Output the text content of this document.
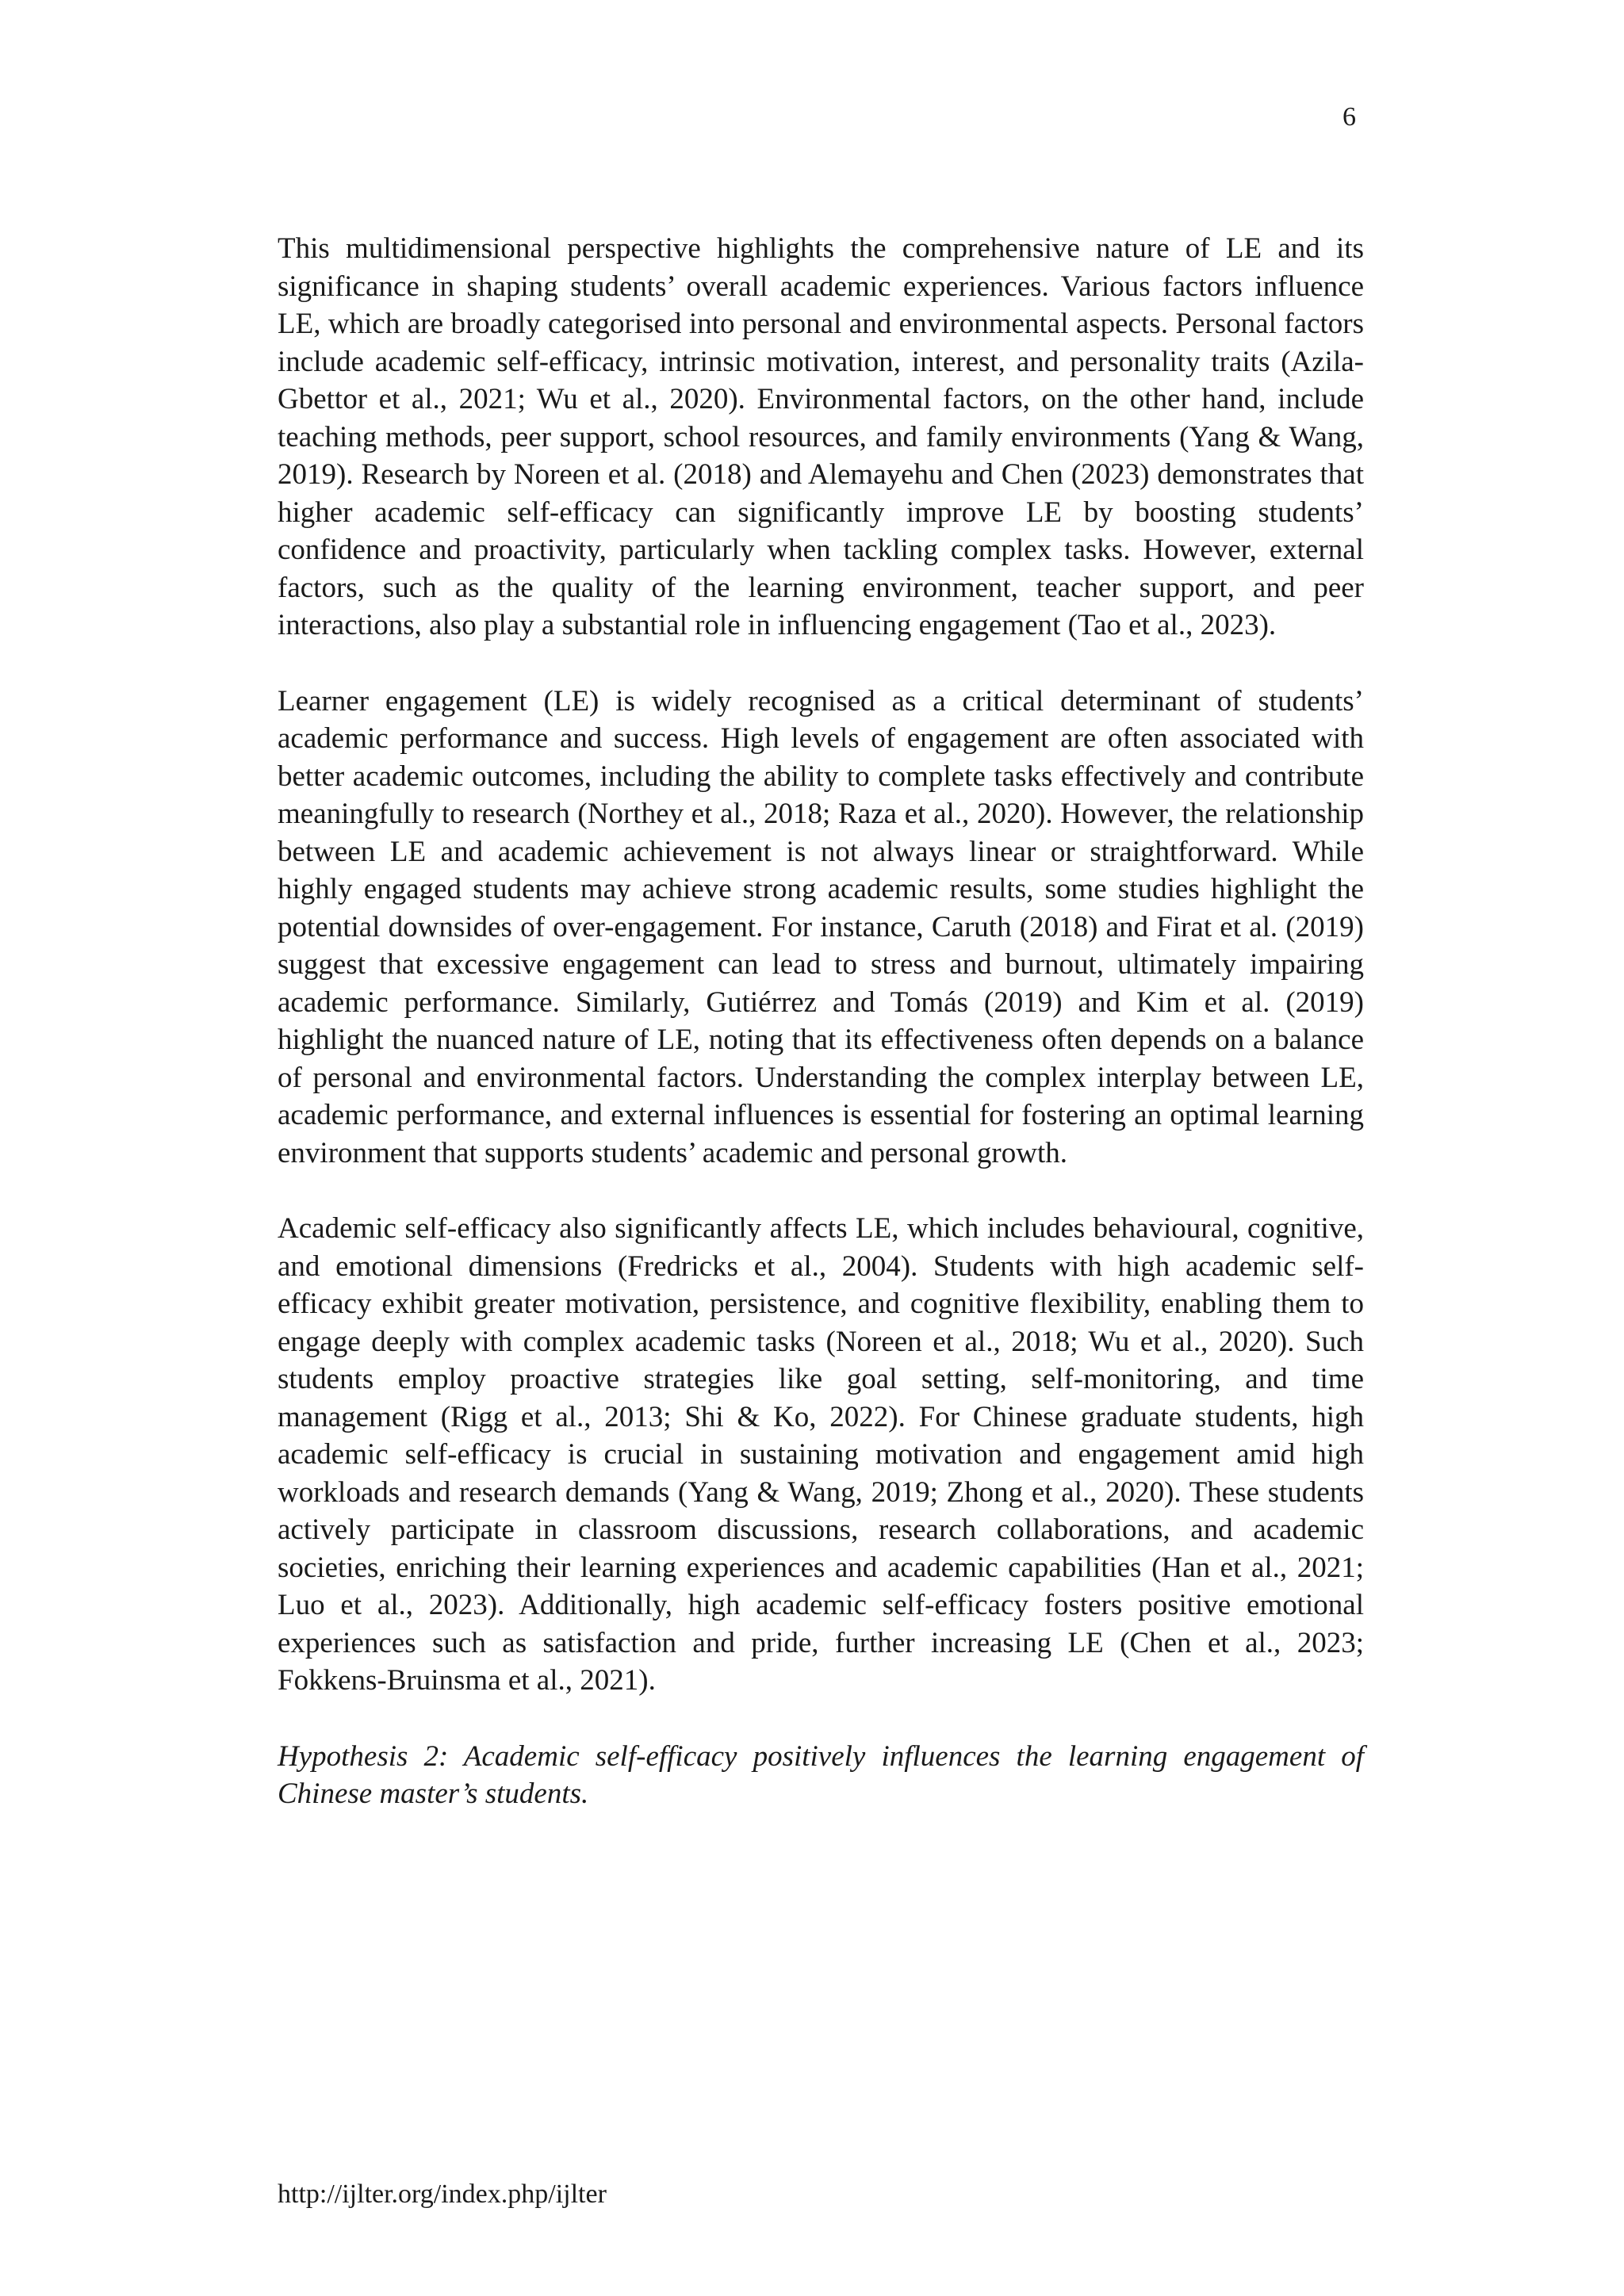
6

This multidimensional perspective highlights the comprehensive nature of LE and its significance in shaping students’ overall academic experiences. Various factors influence LE, which are broadly categorised into personal and environmental aspects. Personal factors include academic self-efficacy, intrinsic motivation, interest, and personality traits (Azila-Gbettor et al., 2021; Wu et al., 2020). Environmental factors, on the other hand, include teaching methods, peer support, school resources, and family environments (Yang & Wang, 2019). Research by Noreen et al. (2018) and Alemayehu and Chen (2023) demonstrates that higher academic self-efficacy can significantly improve LE by boosting students’ confidence and proactivity, particularly when tackling complex tasks. However, external factors, such as the quality of the learning environment, teacher support, and peer interactions, also play a substantial role in influencing engagement (Tao et al., 2023).

Learner engagement (LE) is widely recognised as a critical determinant of students’ academic performance and success. High levels of engagement are often associated with better academic outcomes, including the ability to complete tasks effectively and contribute meaningfully to research (Northey et al., 2018; Raza et al., 2020). However, the relationship between LE and academic achievement is not always linear or straightforward. While highly engaged students may achieve strong academic results, some studies highlight the potential downsides of over-engagement. For instance, Caruth (2018) and Firat et al. (2019) suggest that excessive engagement can lead to stress and burnout, ultimately impairing academic performance. Similarly, Gutiérrez and Tomás (2019) and Kim et al. (2019) highlight the nuanced nature of LE, noting that its effectiveness often depends on a balance of personal and environmental factors. Understanding the complex interplay between LE, academic performance, and external influences is essential for fostering an optimal learning environment that supports students’ academic and personal growth.

Academic self-efficacy also significantly affects LE, which includes behavioural, cognitive, and emotional dimensions (Fredricks et al., 2004). Students with high academic self-efficacy exhibit greater motivation, persistence, and cognitive flexibility, enabling them to engage deeply with complex academic tasks (Noreen et al., 2018; Wu et al., 2020). Such students employ proactive strategies like goal setting, self-monitoring, and time management (Rigg et al., 2013; Shi & Ko, 2022). For Chinese graduate students, high academic self-efficacy is crucial in sustaining motivation and engagement amid high workloads and research demands (Yang & Wang, 2019; Zhong et al., 2020). These students actively participate in classroom discussions, research collaborations, and academic societies, enriching their learning experiences and academic capabilities (Han et al., 2021; Luo et al., 2023). Additionally, high academic self-efficacy fosters positive emotional experiences such as satisfaction and pride, further increasing LE (Chen et al., 2023; Fokkens-Bruinsma et al., 2021).

Hypothesis 2: Academic self-efficacy positively influences the learning engagement of Chinese master’s students.

http://ijlter.org/index.php/ijlter
